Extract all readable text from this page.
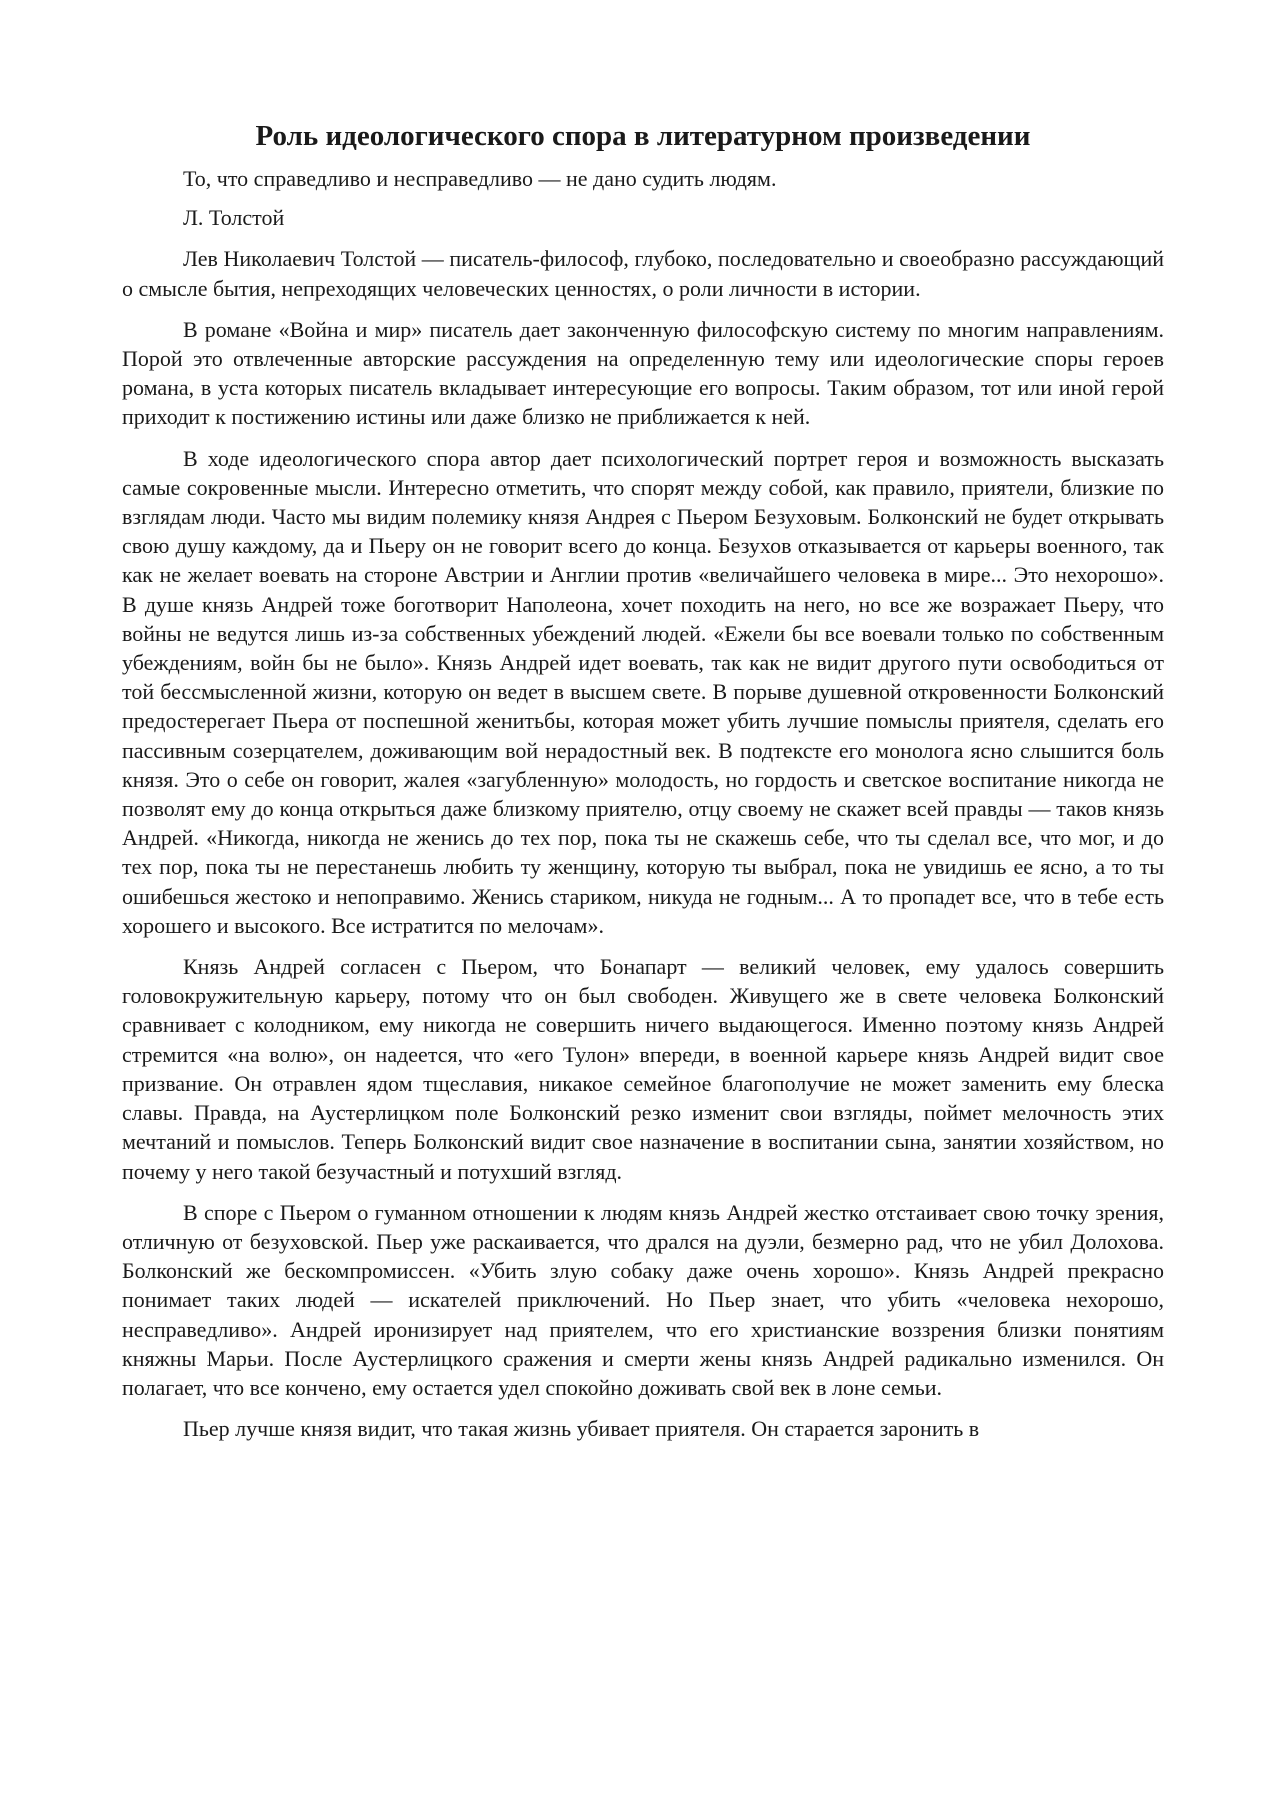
Роль идеологического спора в литературном произведении

То, что справедливо и несправедливо — не дано судить людям.

Л. Толстой

Лев Николаевич Толстой — писатель-философ, глубоко, последовательно и своеобразно рассуждающий о смысле бытия, непреходящих человеческих ценностях, о роли личности в истории.

В романе «Война и мир» писатель дает законченную философскую систему по многим направлениям. Порой это отвлеченные авторские рассуждения на определенную тему или идеологические споры героев романа, в уста которых писатель вкладывает интересующие его вопросы. Таким образом, тот или иной герой приходит к постижению истины или даже близко не приближается к ней.

В ходе идеологического спора автор дает психологический портрет героя и возможность высказать самые сокровенные мысли. Интересно отметить, что спорят между собой, как правило, приятели, близкие по взглядам люди. Часто мы видим полемику князя Андрея с Пьером Безуховым. Болконский не будет открывать свою душу каждому, да и Пьеру он не говорит всего до конца. Безухов отказывается от карьеры военного, так как не желает воевать на стороне Австрии и Англии против «величайшего человека в мире... Это нехорошо». В душе князь Андрей тоже боготворит Наполеона, хочет походить на него, но все же возражает Пьеру, что войны не ведутся лишь из-за собственных убеждений людей. «Ежели бы все воевали только по собственным убеждениям, войн бы не было». Князь Андрей идет воевать, так как не видит другого пути освободиться от той бессмысленной жизни, которую он ведет в высшем свете. В порыве душевной откровенности Болконский предостерегает Пьера от поспешной женитьбы, которая может убить лучшие помыслы приятеля, сделать его пассивным созерцателем, доживающим вой нерадостный век. В подтексте его монолога ясно слышится боль князя. Это о себе он говорит, жалея «загубленную» молодость, но гордость и светское воспитание никогда не позволят ему до конца открыться даже близкому приятелю, отцу своему не скажет всей правды — таков князь Андрей. «Никогда, никогда не женись до тех пор, пока ты не скажешь себе, что ты сделал все, что мог, и до тех пор, пока ты не перестанешь любить ту женщину, которую ты выбрал, пока не увидишь ее ясно, а то ты ошибешься жестоко и непоправимо. Женись стариком, никуда не годным... А то пропадет все, что в тебе есть хорошего и высокого. Все истратится по мелочам».

Князь Андрей согласен с Пьером, что Бонапарт — великий человек, ему удалось совершить головокружительную карьеру, потому что он был свободен. Живущего же в свете человека Болконский сравнивает с колодником, ему никогда не совершить ничего выдающегося. Именно поэтому князь Андрей стремится «на волю», он надеется, что «его Тулон» впереди, в военной карьере князь Андрей видит свое призвание. Он отравлен ядом тщеславия, никакое семейное благополучие не может заменить ему блеска славы. Правда, на Аустерлицком поле Болконский резко изменит свои взгляды, поймет мелочность этих мечтаний и помыслов. Теперь Болконский видит свое назначение в воспитании сына, занятии хозяйством, но почему у него такой безучастный и потухший взгляд.

В споре с Пьером о гуманном отношении к людям князь Андрей жестко отстаивает свою точку зрения, отличную от безуховской. Пьер уже раскаивается, что дрался на дуэли, безмерно рад, что не убил Долохова. Болконский же бескомпромиссен. «Убить злую собаку даже очень хорошо». Князь Андрей прекрасно понимает таких людей — искателей приключений. Но Пьер знает, что убить «человека нехорошо, несправедливо». Андрей иронизирует над приятелем, что его христианские воззрения близки понятиям княжны Марьи. После Аустерлицкого сражения и смерти жены князь Андрей радикально изменился. Он полагает, что все кончено, ему остается удел спокойно доживать свой век в лоне семьи.

Пьер лучше князя видит, что такая жизнь убивает приятеля. Он старается заронить в
